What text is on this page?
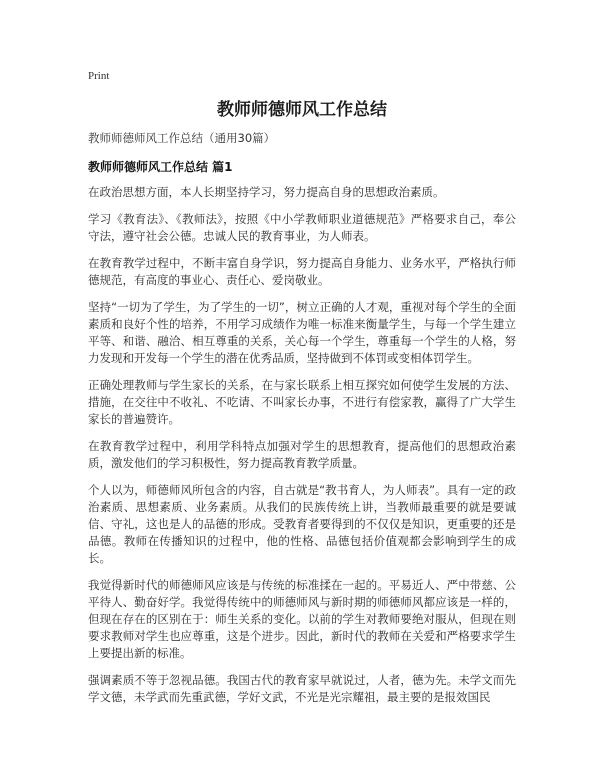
Print
教师师德师风工作总结

教师师德师风工作总结（通用30篇）

教师师德师风工作总结 篇1

在政治思想方面，本人长期坚持学习，努力提高自身的思想政治素质。

学习《教育法》、《教师法》，按照《中小学教师职业道德规范》严格要求自己，奉公守法，遵守社会公德。忠诚人民的教育事业，为人师表。

在教育教学过程中，不断丰富自身学识，努力提高自身能力、业务水平，严格执行师德规范，有高度的事业心、责任心、爱岗敬业。

坚持“一切为了学生，为了学生的一切”，树立正确的人才观，重视对每个学生的全面素质和良好个性的培养，不用学习成绩作为唯一标准来衡量学生，与每一个学生建立平等、和谐、融洽、相互尊重的关系，关心每一个学生，尊重每一个学生的人格，努力发现和开发每一个学生的潜在优秀品质，坚持做到不体罚或变相体罚学生。

正确处理教师与学生家长的关系，在与家长联系上相互探究如何使学生发展的方法、措施，在交往中不收礼、不吃请、不叫家长办事，不进行有偿家教，赢得了广大学生家长的普遍赞许。

在教育教学过程中，利用学科特点加强对学生的思想教育，提高他们的思想政治素质，激发他们的学习积极性，努力提高教育教学质量。

个人以为，师德师风所包含的内容，自古就是“教书育人，为人师表”。具有一定的政治素质、思想素质、业务素质。从我们的民族传统上讲，当教师最重要的就是要诚信、守礼，这也是人的品德的形成。受教育者要得到的不仅仅是知识，更重要的还是品德。教师在传播知识的过程中，他的性格、品德包括价值观都会影响到学生的成长。

我觉得新时代的师德师风应该是与传统的标准揉在一起的。平易近人、严中带慈、公平待人、勤奋好学。我觉得传统中的师德师风与新时期的师德师风都应该是一样的，但现在存在的区别在于：师生关系的变化。以前的学生对教师要绝对服从，但现在则要求教师对学生也应尊重，这是个进步。因此，新时代的教师在关爱和严格要求学生上要提出新的标准。

强调素质不等于忽视品德。我国古代的教育家早就说过，人者，德为先。未学文而先学文德，未学武而先重武德，学好文武，不光是光宗耀祖，最主要的是报效国民
